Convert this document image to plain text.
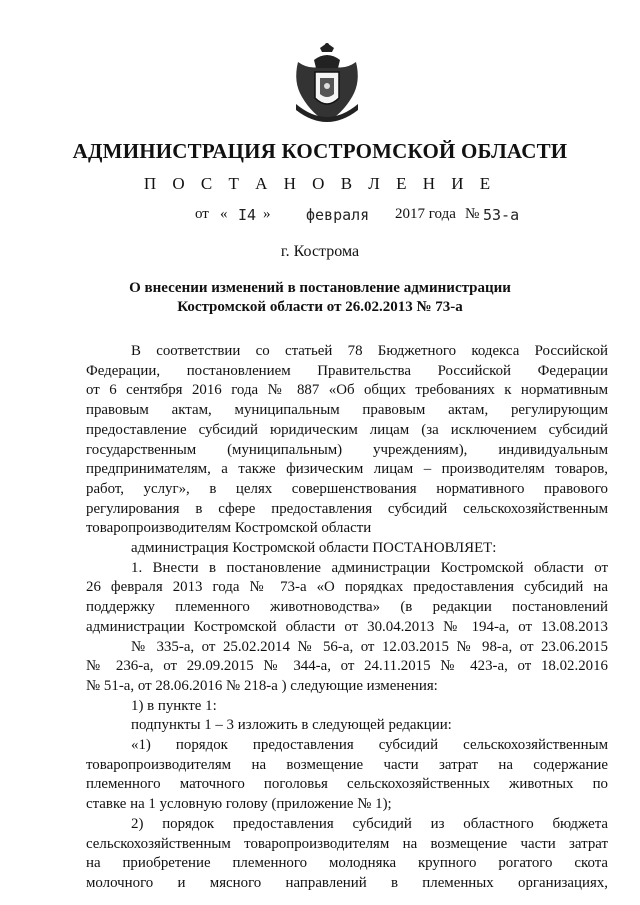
АДМИНИСТРАЦИЯ КОСТРОМСКОЙ ОБЛАСТИ
П О С Т А Н О В Л Е Н И Е
от « I4 » февраля 2017 года № 53-а
г. Кострома
О внесении изменений в постановление администрации
Костромской области от 26.02.2013 № 73-а

В соответствии со статьей 78 Бюджетного кодекса Российской

Федерации, постановлением Правительства Российской Федерации

от 6 сентября 2016 года № 887 «Об общих требованиях к нормативным

правовым актам, муниципальным правовым актам, регулирующим

предоставление субсидий юридическим лицам (за исключением субсидий

государственным (муниципальным) учреждениям), индивидуальным

предпринимателям, а также физическим лицам – производителям товаров,

работ, услуг», в целях совершенствования нормативного правового

регулирования в сфере предоставления субсидий сельскохозяйственным

товаропроизводителям Костромской области

администрация Костромской области ПОСТАНОВЛЯЕТ:

1. Внести в постановление администрации Костромской области от

26 февраля 2013 года № 73-а «О порядках предоставления субсидий на

поддержку племенного животноводства» (в редакции постановлений

администрации Костромской области от 30.04.2013 № 194-а, от 13.08.2013

№ 335-а, от 25.02.2014 № 56-а, от 12.03.2015 № 98-а, от 23.06.2015

№ 236-а, от 29.09.2015 № 344-а, от 24.11.2015 № 423-а, от 18.02.2016

№ 51-а, от 28.06.2016 № 218-а ) следующие изменения:

1) в пункте 1:

подпункты 1 – 3 изложить в следующей редакции:

«1) порядок предоставления субсидий сельскохозяйственным

товаропроизводителям на возмещение части затрат на содержание

племенного маточного поголовья сельскохозяйственных животных по

ставке на 1 условную голову (приложение № 1);

2) порядок предоставления субсидий из областного бюджета

сельскохозяйственным товаропроизводителям на возмещение части затрат

на приобретение племенного молодняка крупного рогатого скота

молочного и мясного направлений в племенных организациях,
